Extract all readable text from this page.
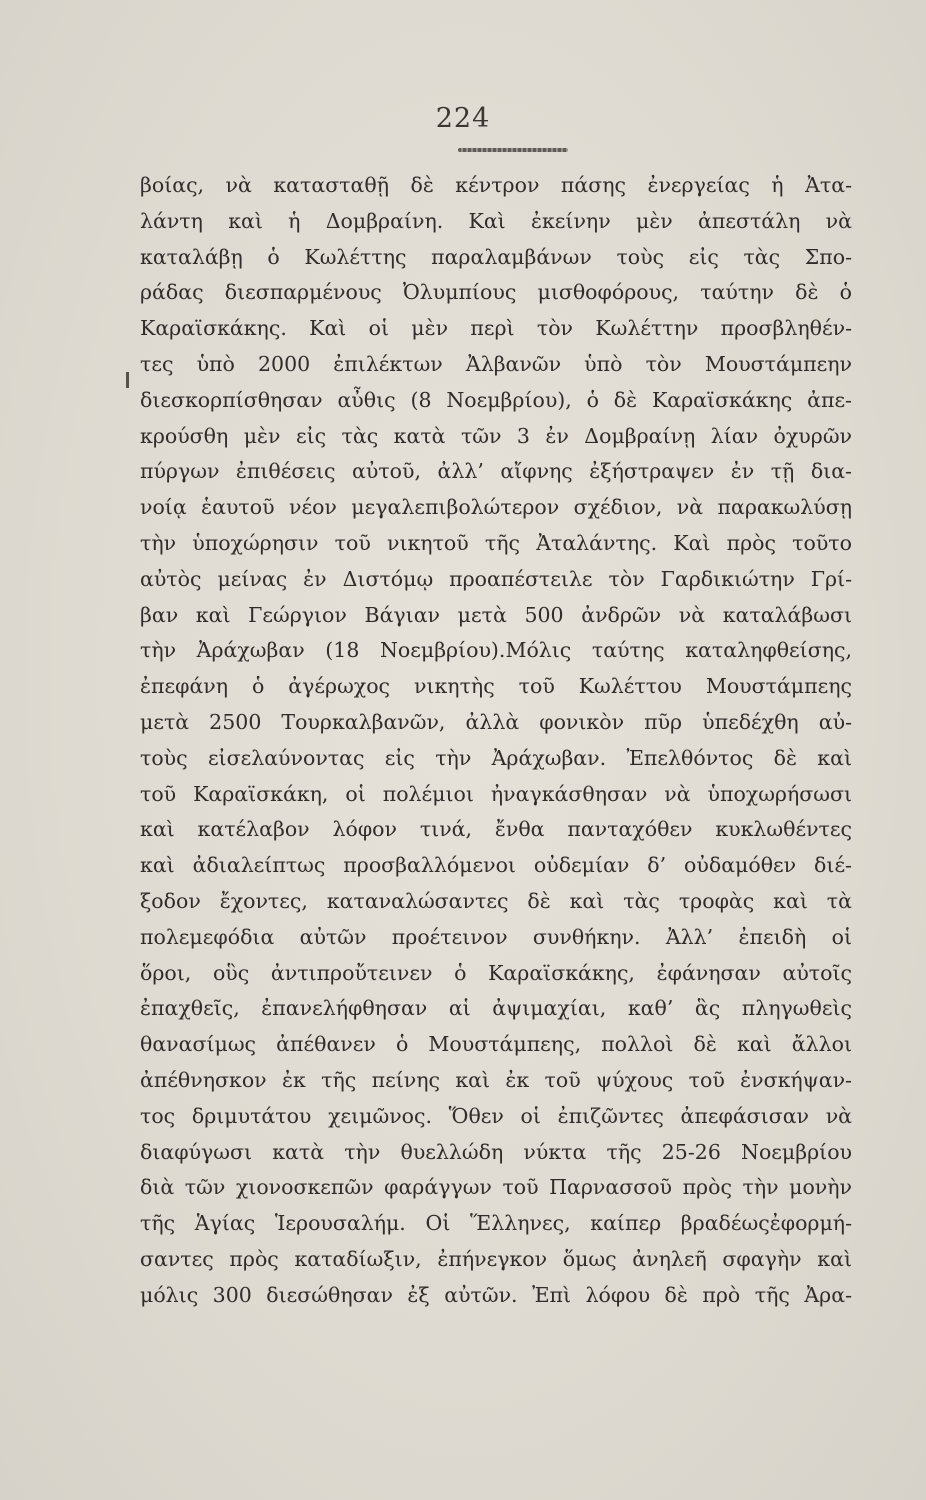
224
βοίας, νὰ κατασταθῇ δὲ κέντρον πάσης ἐνεργείας ἡ Ἀτα-
λάντη καὶ ἡ Δομβραίνη. Καὶ ἐκείνην μὲν ἀπεστάλη νὰ
καταλάβῃ ὁ Κωλέττης παραλαμβάνων τοὺς εἰς τὰς Σπο-
ράδας διεσπαρμένους Ὀλυμπίους μισθοφόρους, ταύτην δὲ ὁ
Καραϊσκάκης. Καὶ οἱ μὲν περὶ τὸν Κωλέττην προσβληθέν-
τες ὑπὸ 2000 ἐπιλέκτων Ἀλβανῶν ὑπὸ τὸν Μουστάμπεην
διεσκορπίσθησαν αὖθις (8 Νοεμβρίου), ὁ δὲ Καραϊσκάκης ἀπε-
κρούσθη μὲν εἰς τὰς κατὰ τῶν 3 ἐν Δομβραίνῃ λίαν ὀχυρῶν
πύργων ἐπιθέσεις αὐτοῦ, ἀλλ’ αἴφνης ἐξήστραψεν ἐν τῇ δια-
νοίᾳ ἑαυτοῦ νέον μεγαλεπιβολώτερον σχέδιον, νὰ παρακωλύσῃ
τὴν ὑποχώρησιν τοῦ νικητοῦ τῆς Ἀταλάντης. Καὶ πρὸς τοῦτο
αὐτὸς μείνας ἐν Διστόμῳ προαπέστειλε τὸν Γαρδικιώτην Γρί-
βαν καὶ Γεώργιον Βάγιαν μετὰ 500 ἀνδρῶν νὰ καταλάβωσι
τὴν Ἀράχωβαν (18 Νοεμβρίου).Μόλις ταύτης καταληφθείσης,
ἐπεφάνη ὁ ἀγέρωχος νικητὴς τοῦ Κωλέττου Μουστάμπεης
μετὰ 2500 Τουρκαλβανῶν, ἀλλὰ φονικὸν πῦρ ὑπεδέχθη αὐ-
τοὺς εἰσελαύνοντας εἰς τὴν Ἀράχωβαν. Ἐπελθόντος δὲ καὶ
τοῦ Καραϊσκάκη, οἱ πολέμιοι ἠναγκάσθησαν νὰ ὑποχωρήσωσι
καὶ κατέλαβον λόφον τινά, ἔνθα πανταχόθεν κυκλωθέντες
καὶ ἀδιαλείπτως προσβαλλόμενοι οὐδεμίαν δ’ οὐδαμόθεν διέ-
ξοδον ἔχοντες, καταναλώσαντες δὲ καὶ τὰς τροφὰς καὶ τὰ
πολεμεφόδια αὐτῶν προέτεινον συνθήκην. Ἀλλ’ ἐπειδὴ οἱ
ὅροι, οὓς ἀντιπροὔτεινεν ὁ Καραϊσκάκης, ἐφάνησαν αὐτοῖς
ἐπαχθεῖς, ἐπανελήφθησαν αἱ ἀψιμαχίαι, καθ’ ἃς πληγωθεὶς
θανασίμως ἀπέθανεν ὁ Μουστάμπεης, πολλοὶ δὲ καὶ ἄλλοι
ἀπέθνησκον ἐκ τῆς πείνης καὶ ἐκ τοῦ ψύχους τοῦ ἐνσκήψαν-
τος δριμυτάτου χειμῶνος. Ὅθεν οἱ ἐπιζῶντες ἀπεφάσισαν νὰ
διαφύγωσι κατὰ τὴν θυελλώδη νύκτα τῆς 25-26 Νοεμβρίου
διὰ τῶν χιονοσκεπῶν φαράγγων τοῦ Παρνασσοῦ πρὸς τὴν μονὴν
τῆς Ἁγίας Ἱερουσαλήμ. Οἱ Ἕλληνες, καίπερ βραδέωςἐφορμή-
σαντες πρὸς καταδίωξιν, ἐπήνεγκον ὅμως ἀνηλεῆ σφαγὴν καὶ
μόλις 300 διεσώθησαν ἐξ αὐτῶν. Ἐπὶ λόφου δὲ πρὸ τῆς Ἀρα-
